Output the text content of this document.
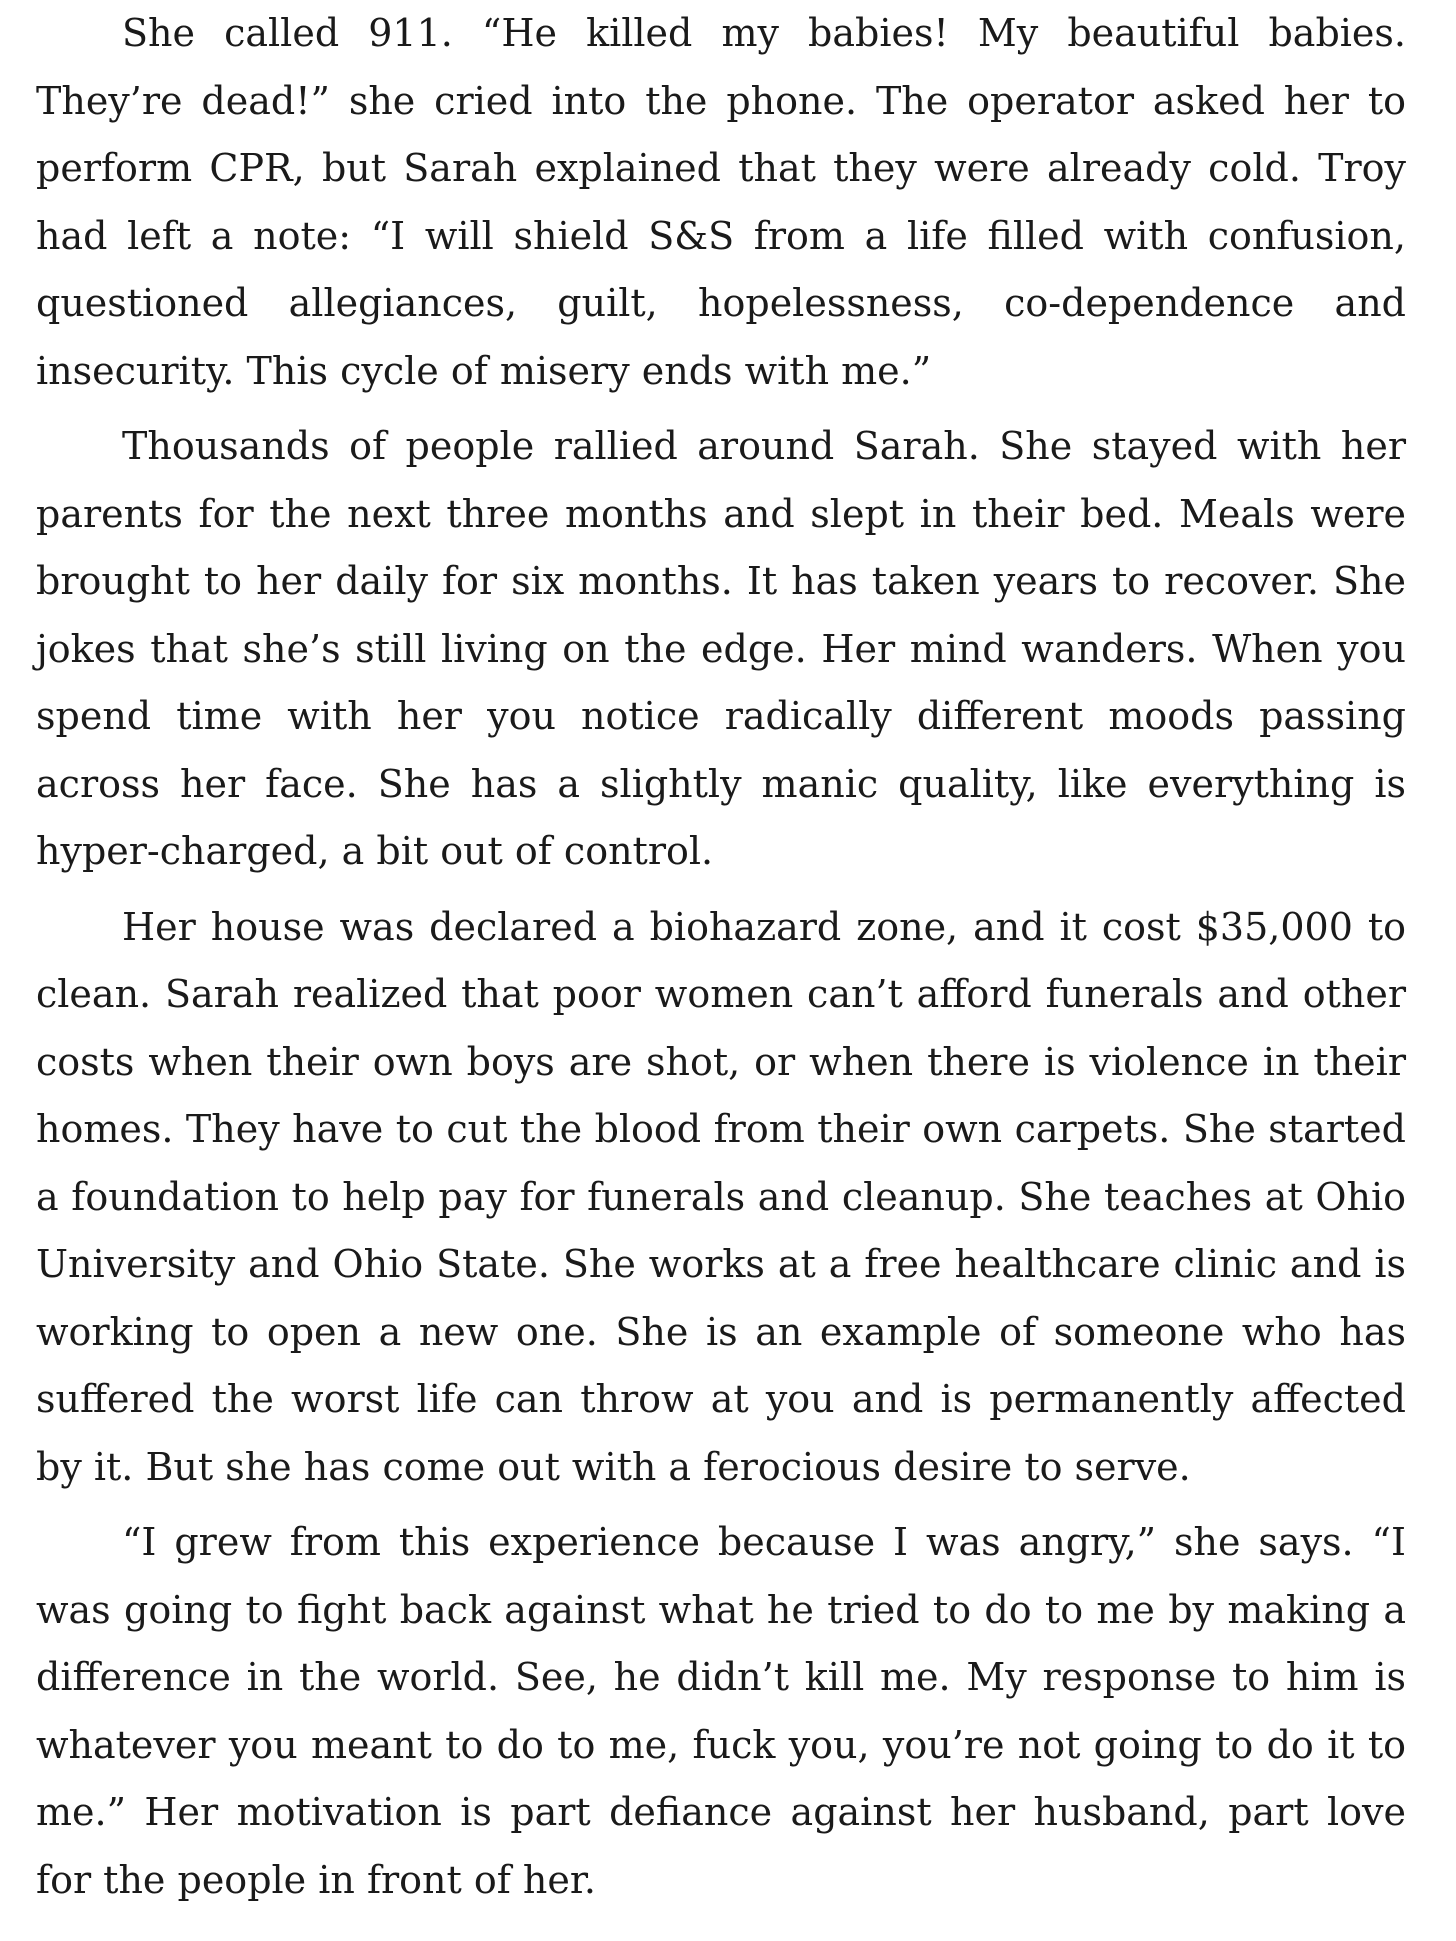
She called 911. “He killed my babies! My beautiful babies. They’re dead!” she cried into the phone. The operator asked her to perform CPR, but Sarah explained that they were already cold. Troy had left a note: “I will shield S&S from a life filled with confusion, questioned allegiances, guilt, hopelessness, co-dependence and insecurity. This cycle of misery ends with me.”

Thousands of people rallied around Sarah. She stayed with her parents for the next three months and slept in their bed. Meals were brought to her daily for six months. It has taken years to recover. She jokes that she’s still living on the edge. Her mind wanders. When you spend time with her you notice radically different moods passing across her face. She has a slightly manic quality, like everything is hyper-charged, a bit out of control.

Her house was declared a biohazard zone, and it cost $35,000 to clean. Sarah realized that poor women can’t afford funerals and other costs when their own boys are shot, or when there is violence in their homes. They have to cut the blood from their own carpets. She started a foundation to help pay for funerals and cleanup. She teaches at Ohio University and Ohio State. She works at a free healthcare clinic and is working to open a new one. She is an example of someone who has suffered the worst life can throw at you and is permanently affected by it. But she has come out with a ferocious desire to serve.

“I grew from this experience because I was angry,” she says. “I was going to fight back against what he tried to do to me by making a difference in the world. See, he didn’t kill me. My response to him is whatever you meant to do to me, fuck you, you’re not going to do it to me.” Her motivation is part defiance against her husband, part love for the people in front of her.
